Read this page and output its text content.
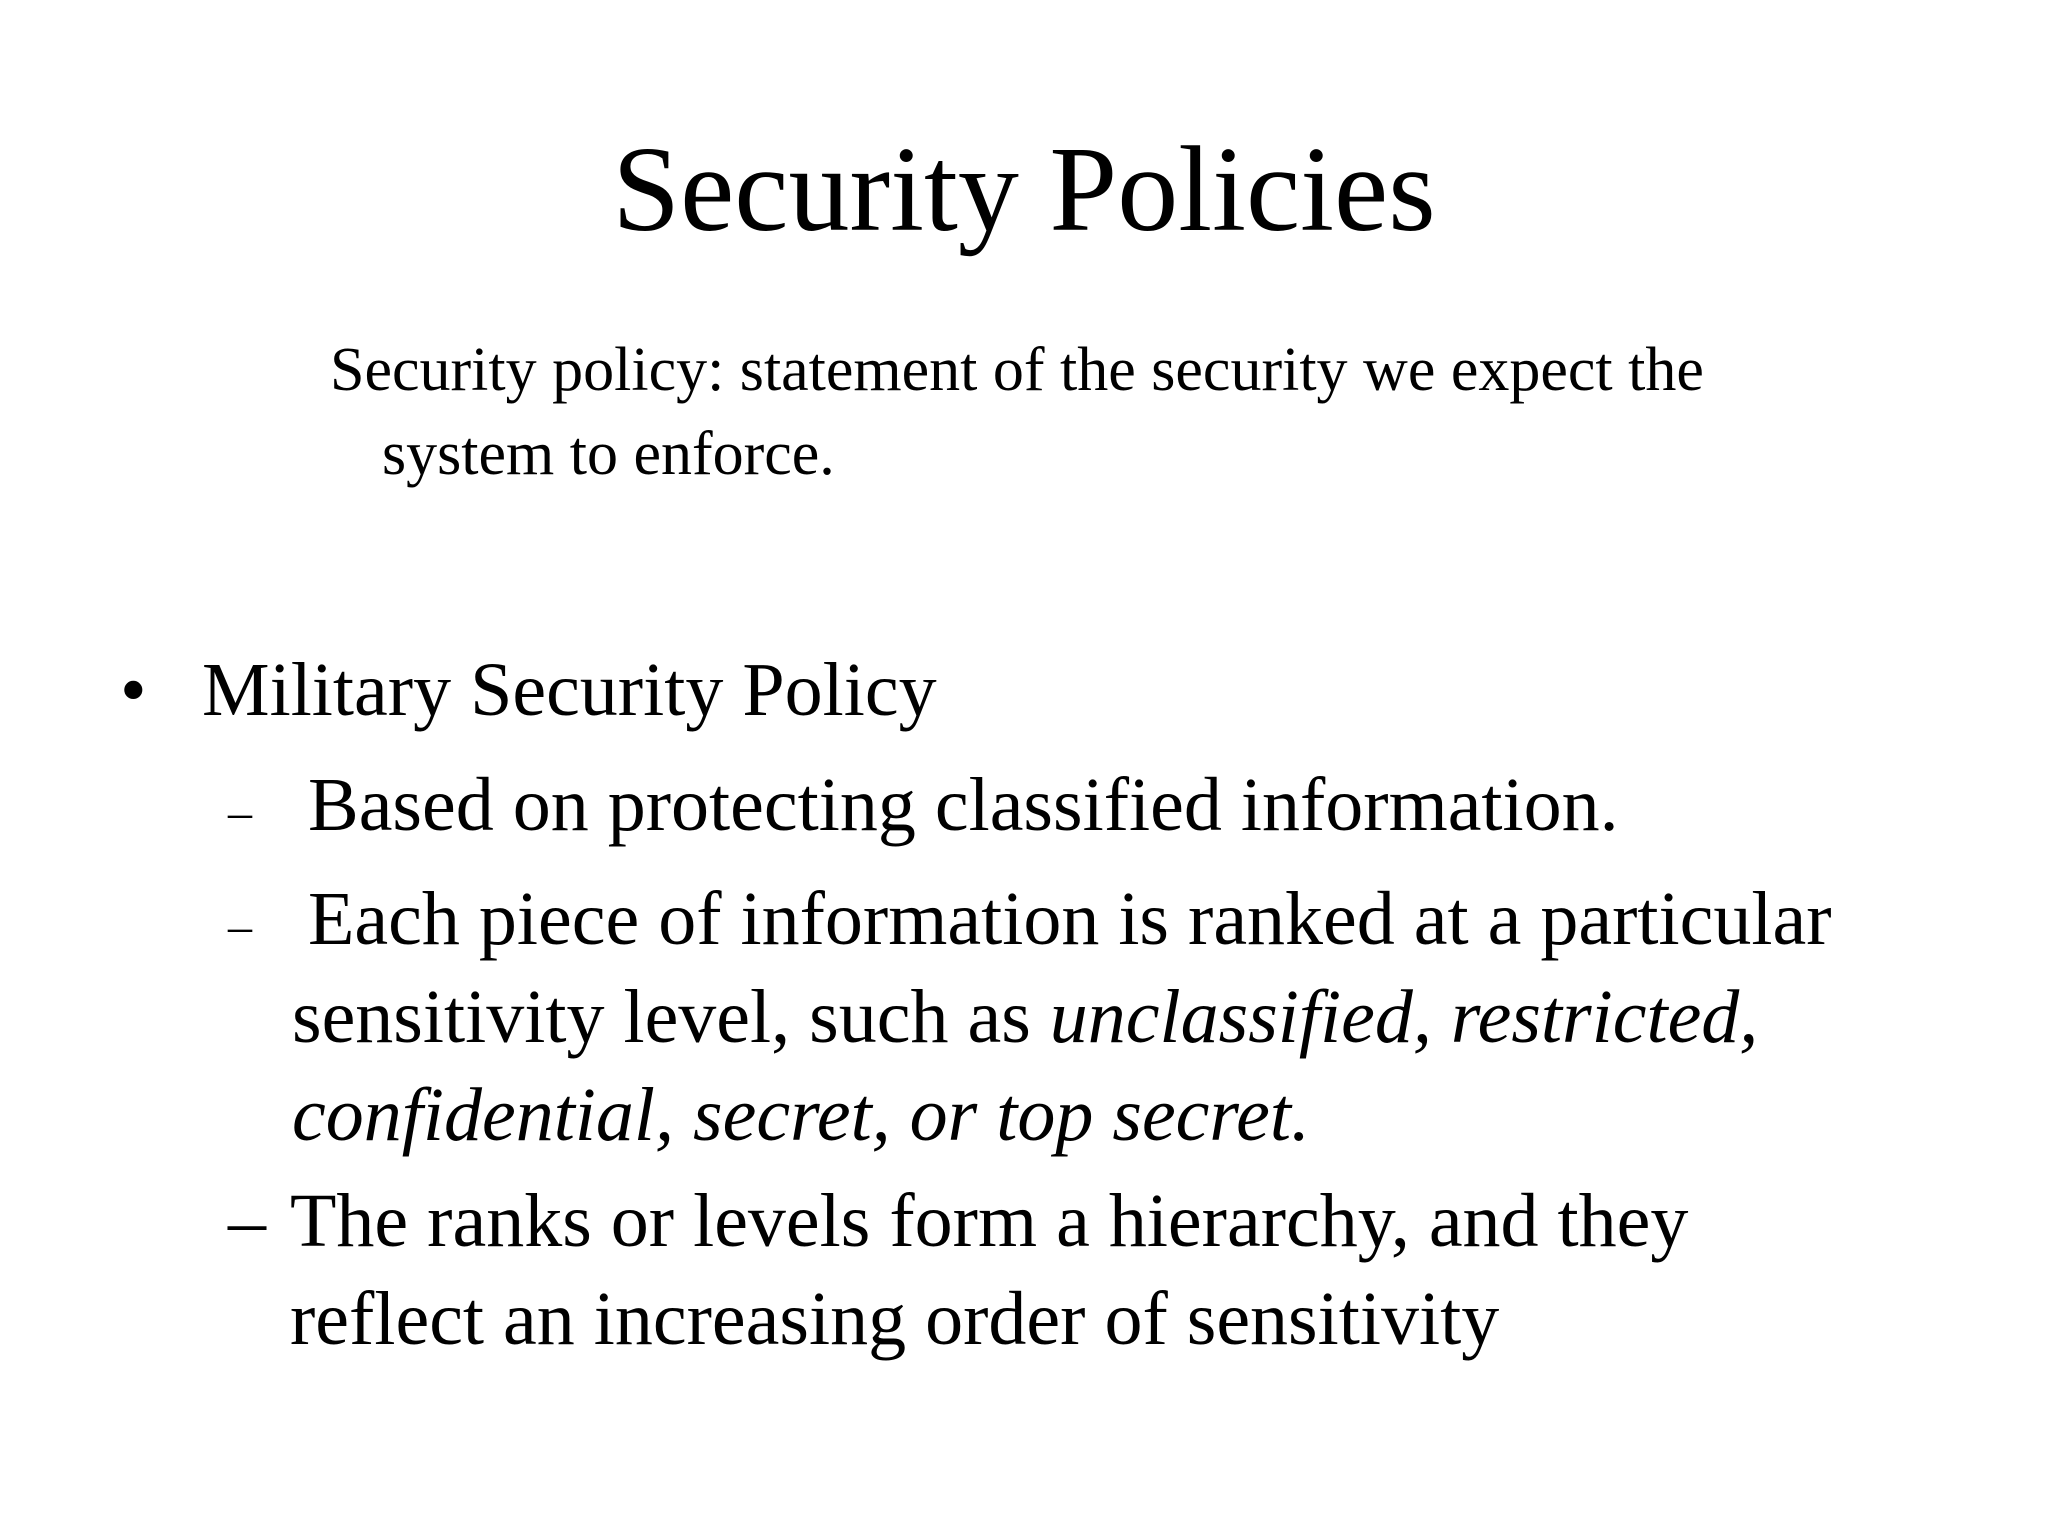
Security Policies
Security policy: statement of the security we expect the
system to enforce.
• Military Security Policy
– Based on protecting classified information.
– Each piece of information is ranked at a particular
sensitivity level, such as unclassified, restricted,
confidential, secret, or top secret.
– The ranks or levels form a hierarchy, and they
reflect an increasing order of sensitivity
